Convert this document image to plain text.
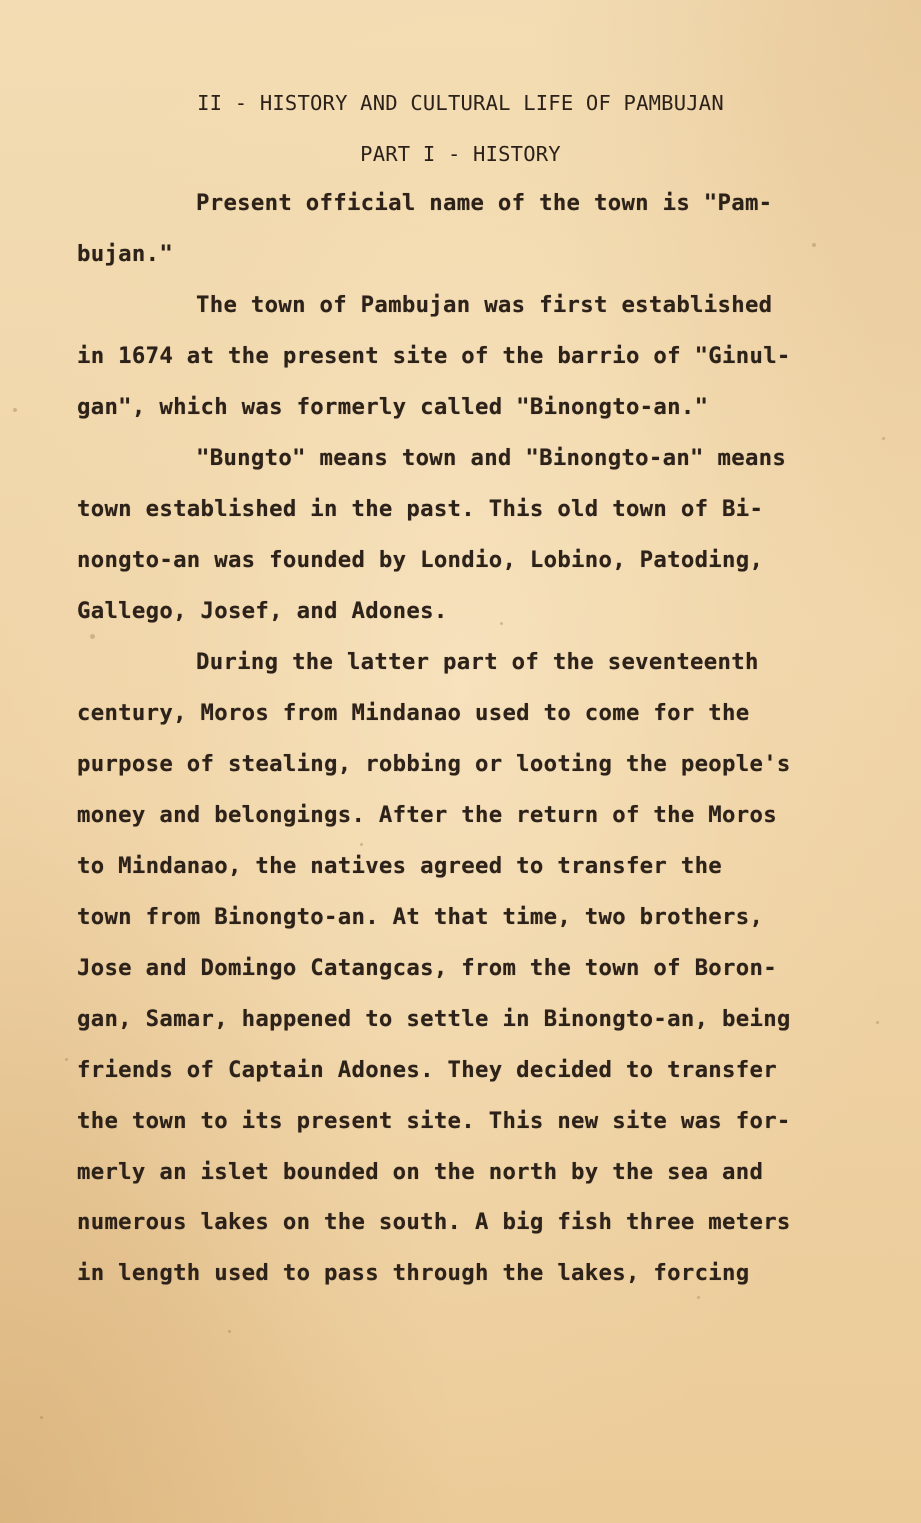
II - HISTORY AND CULTURAL LIFE OF PAMBUJAN
PART I - HISTORY
Present official name of the town is "Pam-
bujan."
The town of Pambujan was first established
in 1674 at the present site of the barrio of "Ginul-
gan", which was formerly called "Binongto-an."
"Bungto" means town and "Binongto-an" means
town established in the past. This old town of Bi-
nongto-an was founded by Londio, Lobino, Patoding,
Gallego, Josef, and Adones.
During the latter part of the seventeenth
century, Moros from Mindanao used to come for the
purpose of stealing, robbing or looting the people's
money and belongings. After the return of the Moros
to Mindanao, the natives agreed to transfer the
town from Binongto-an. At that time, two brothers,
Jose and Domingo Catangcas, from the town of Boron-
gan, Samar, happened to settle in Binongto-an, being
friends of Captain Adones. They decided to transfer
the town to its present site. This new site was for-
merly an islet bounded on the north by the sea and
numerous lakes on the south. A big fish three meters
in length used to pass through the lakes, forcing
